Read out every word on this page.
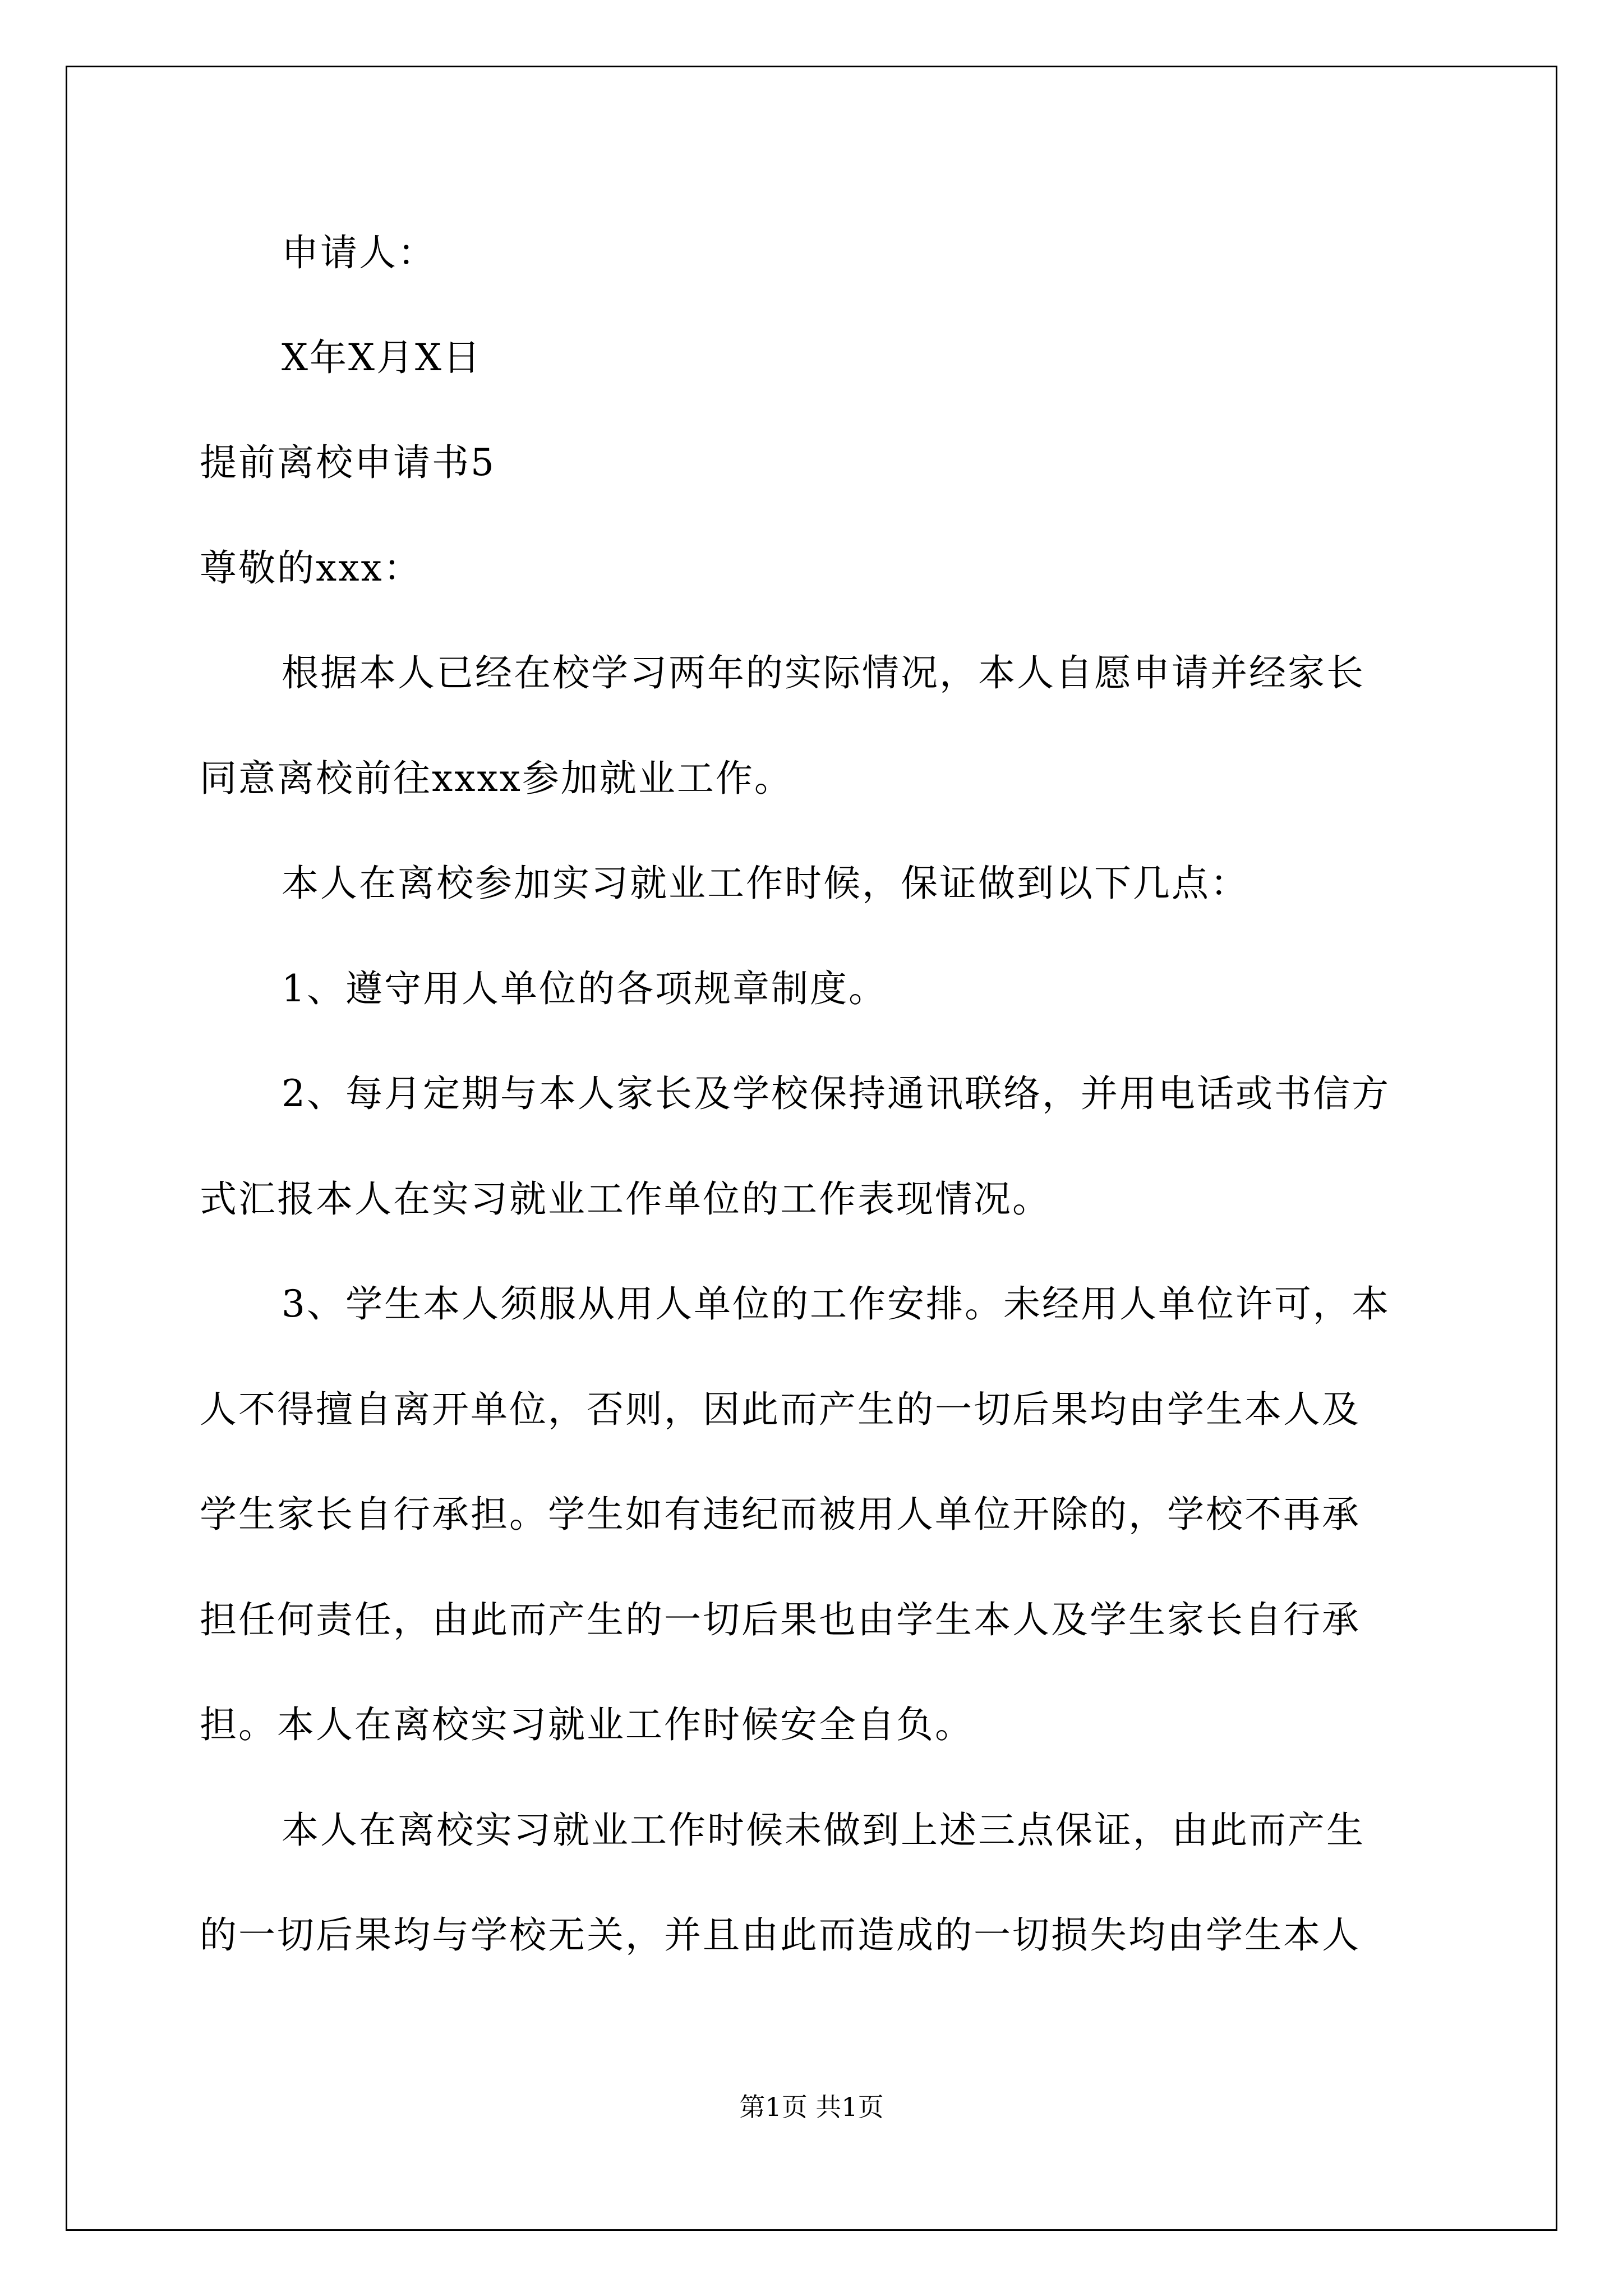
申请人：
X年X月X日
提前离校申请书5
尊敬的xxx：
根据本人已经在校学习两年的实际情况，本人自愿申请并经家长
同意离校前往xxxx参加就业工作。
本人在离校参加实习就业工作时候，保证做到以下几点：
1、遵守用人单位的各项规章制度。
2、每月定期与本人家长及学校保持通讯联络，并用电话或书信方
式汇报本人在实习就业工作单位的工作表现情况。
3、学生本人须服从用人单位的工作安排。未经用人单位许可，本
人不得擅自离开单位，否则，因此而产生的一切后果均由学生本人及
学生家长自行承担。学生如有违纪而被用人单位开除的，学校不再承
担任何责任，由此而产生的一切后果也由学生本人及学生家长自行承
担。本人在离校实习就业工作时候安全自负。
本人在离校实习就业工作时候未做到上述三点保证，由此而产生
的一切后果均与学校无关，并且由此而造成的一切损失均由学生本人
第1页 共1页
